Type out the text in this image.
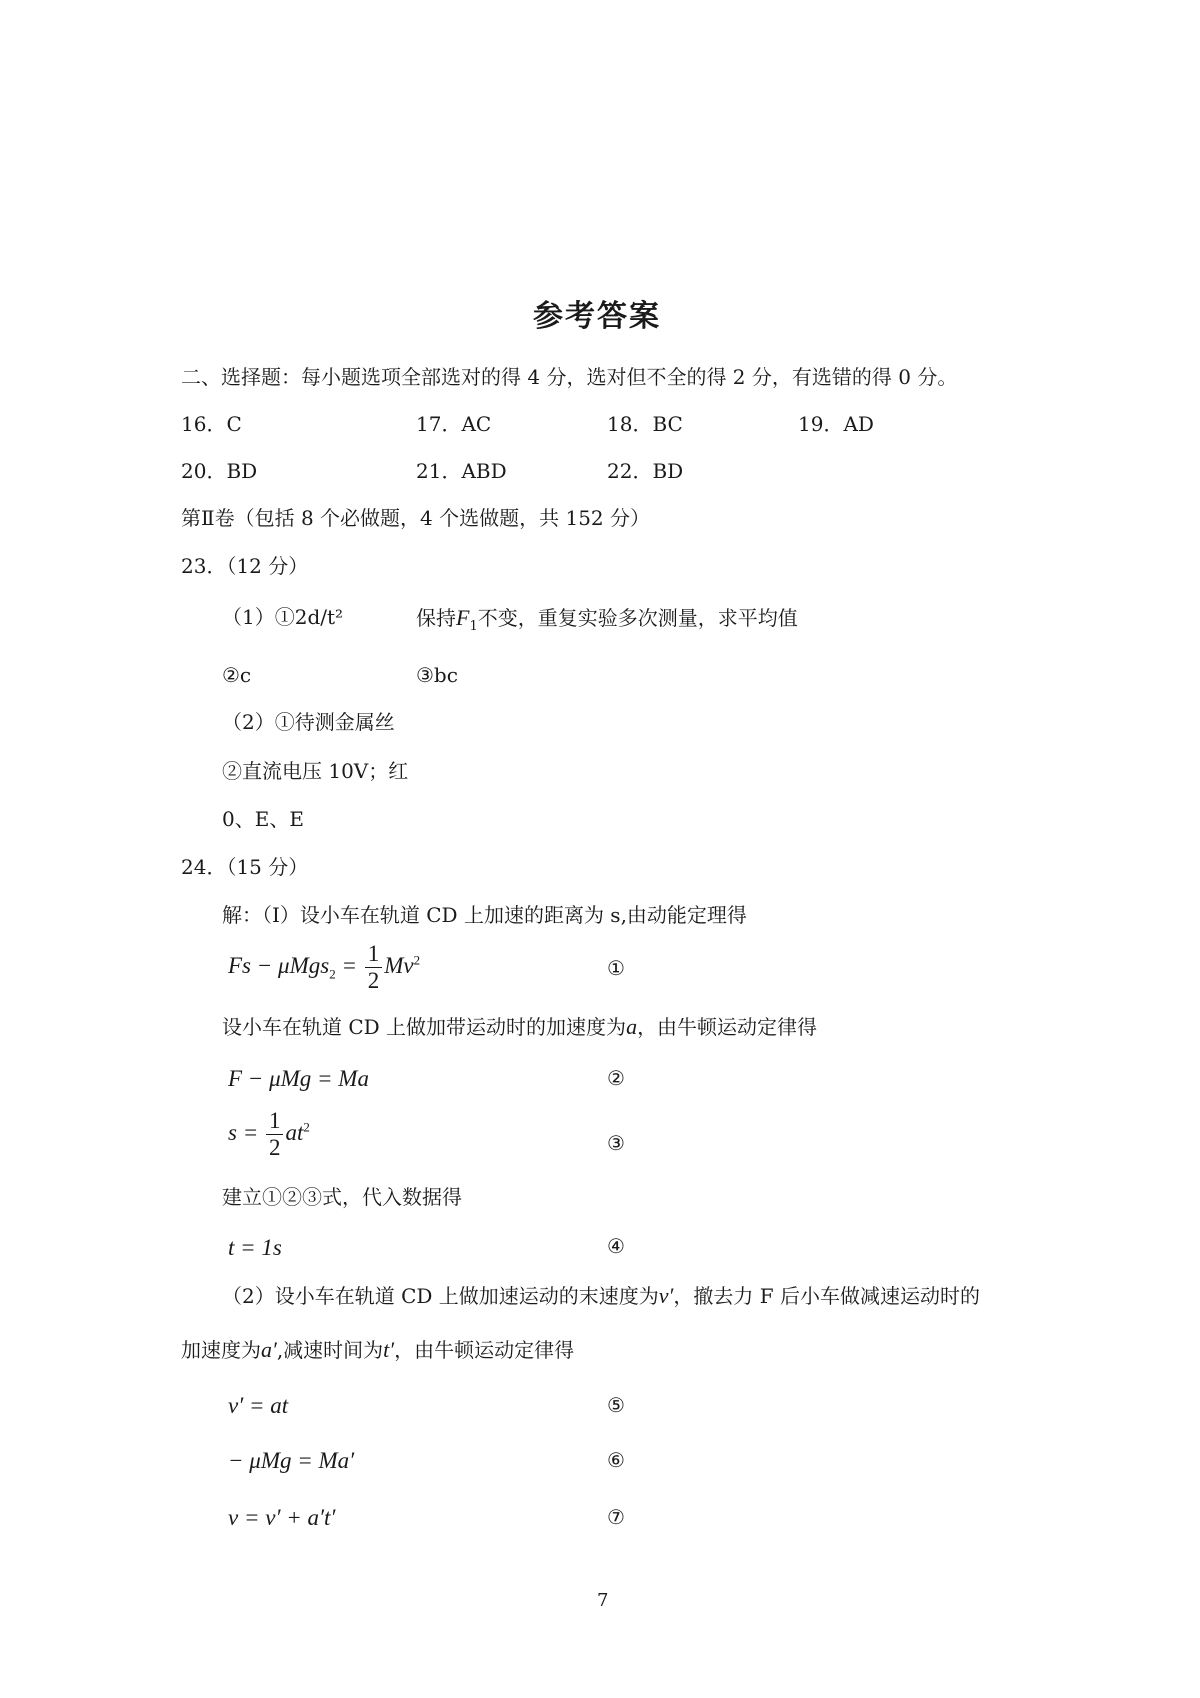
参考答案
二、选择题：每小题选项全部选对的得 4 分，选对但不全的得 2 分，有选错的得 0 分。
16．C	17．AC	18．BC	19．AD
20．BD	21．ABD	22．BD
第Ⅱ卷（包括 8 个必做题，4 个选做题，共 152 分）
23．（12 分）
（1）①2d/t²	保持$F_1$不变，重复实验多次测量，求平均值
②c	③bc
（2）①待测金属丝
②直流电压 10V；红
0、E、E
24．（15 分）
解：（Ⅰ）设小车在轨道 CD 上加速的距离为 s,由动能定理得
$Fs - \mu Mgs_2 = \frac{1}{2} Mv^2$	①
设小车在轨道 CD 上做加带运动时的加速度为a，由牛顿运动定律得
F − μMg = Ma	②
$s = \frac{1}{2} at^2$
③
建立①②③式，代入数据得
t = 1s	④
（2）设小车在轨道 CD 上做加速运动的末速度为v′，撤去力 F 后小车做减速运动时的
加速度为a′,减速时间为t′，由牛顿运动定律得
v′ = at	⑤
− μMg = Ma′	⑥
v = v′ + a′t′	⑦
7
